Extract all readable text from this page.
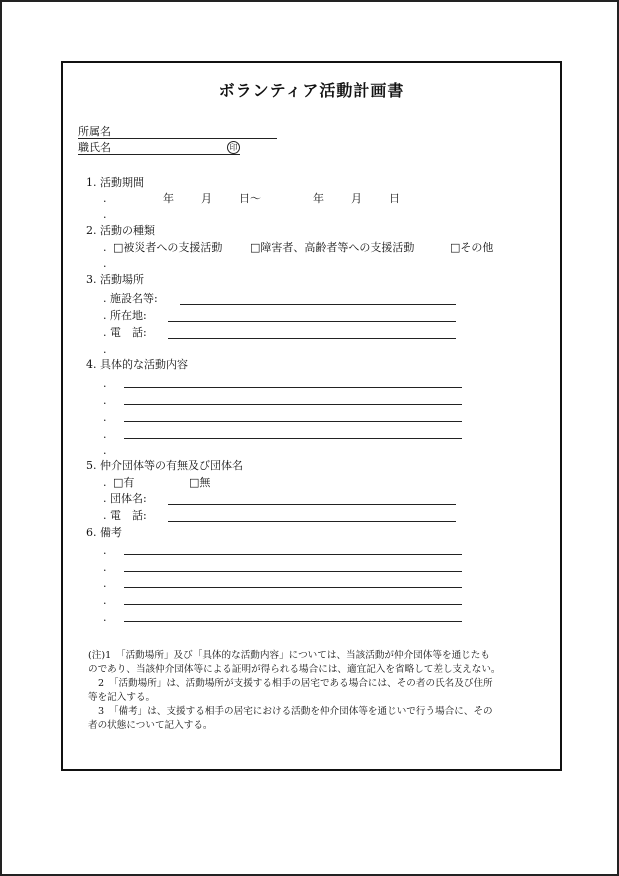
ボランティア活動計画書
所属名
職氏名	印
1. 活動期間
.	年 月 日～	年 月 日
.
2. 活動の種類
. □	被災者への支援活動 □	障害者、高齢者等への支援活動 □	その他
.
3. 活動場所
. 施設名等:
. 所在地:
. 電　話:
.
4. 具体的な活動内容
.
.
.
.
.
5. 仲介団体等の有無及び団体名
. □	有 □	無
. 団体名:
. 電　話:
6. 備考
.
.
.
.
.
(注)1　「活動場所」及び「具体的な活動内容」については、当該活動が仲介団体等を通じたも
のであり、当該仲介団体等による証明が得られる場合には、適宜記入を省略して差し支えない。
2　「活動場所」は、活動場所が支援する相手の居宅である場合には、その者の氏名及び住所
等を記入する。
3　「備考」は、支援する相手の居宅における活動を仲介団体等を通じいで行う場合に、その
者の状態について記入する。
